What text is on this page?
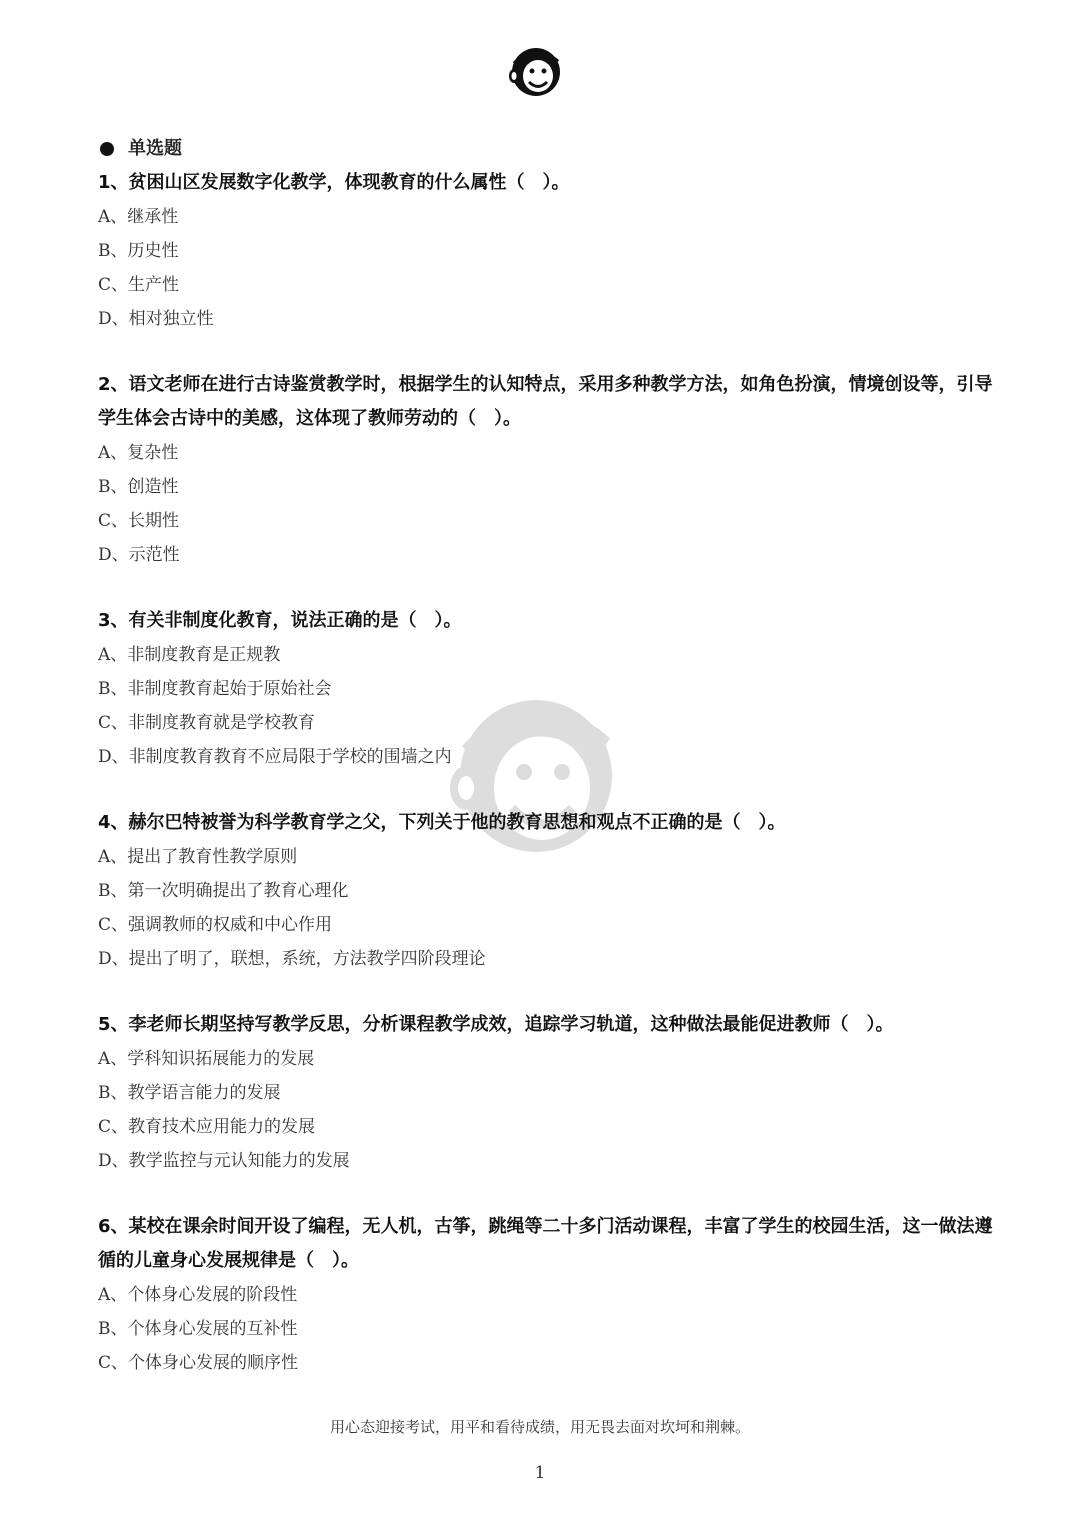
单选题
1、贫困山区发展数字化教学，体现教育的什么属性（　）。
A、继承性
B、历史性
C、生产性
D、相对独立性
2、语文老师在进行古诗鉴赏教学时，根据学生的认知特点，采用多种教学方法，如角色扮演，情境创设等，引导学生体会古诗中的美感，这体现了教师劳动的（　）。
A、复杂性
B、创造性
C、长期性
D、示范性
3、有关非制度化教育，说法正确的是（　）。
A、非制度教育是正规教
B、非制度教育起始于原始社会
C、非制度教育就是学校教育
D、非制度教育教育不应局限于学校的围墙之内
4、赫尔巴特被誉为科学教育学之父，下列关于他的教育思想和观点不正确的是（　）。
A、提出了教育性教学原则
B、第一次明确提出了教育心理化
C、强调教师的权威和中心作用
D、提出了明了，联想，系统，方法教学四阶段理论
5、李老师长期坚持写教学反思，分析课程教学成效，追踪学习轨道，这种做法最能促进教师（　）。
A、学科知识拓展能力的发展
B、教学语言能力的发展
C、教育技术应用能力的发展
D、教学监控与元认知能力的发展
6、某校在课余时间开设了编程，无人机，古筝，跳绳等二十多门活动课程，丰富了学生的校园生活，这一做法遵循的儿童身心发展规律是（　）。
A、个体身心发展的阶段性
B、个体身心发展的互补性
C、个体身心发展的顺序性
用心态迎接考试，用平和看待成绩，用无畏去面对坎坷和荆棘。
1
